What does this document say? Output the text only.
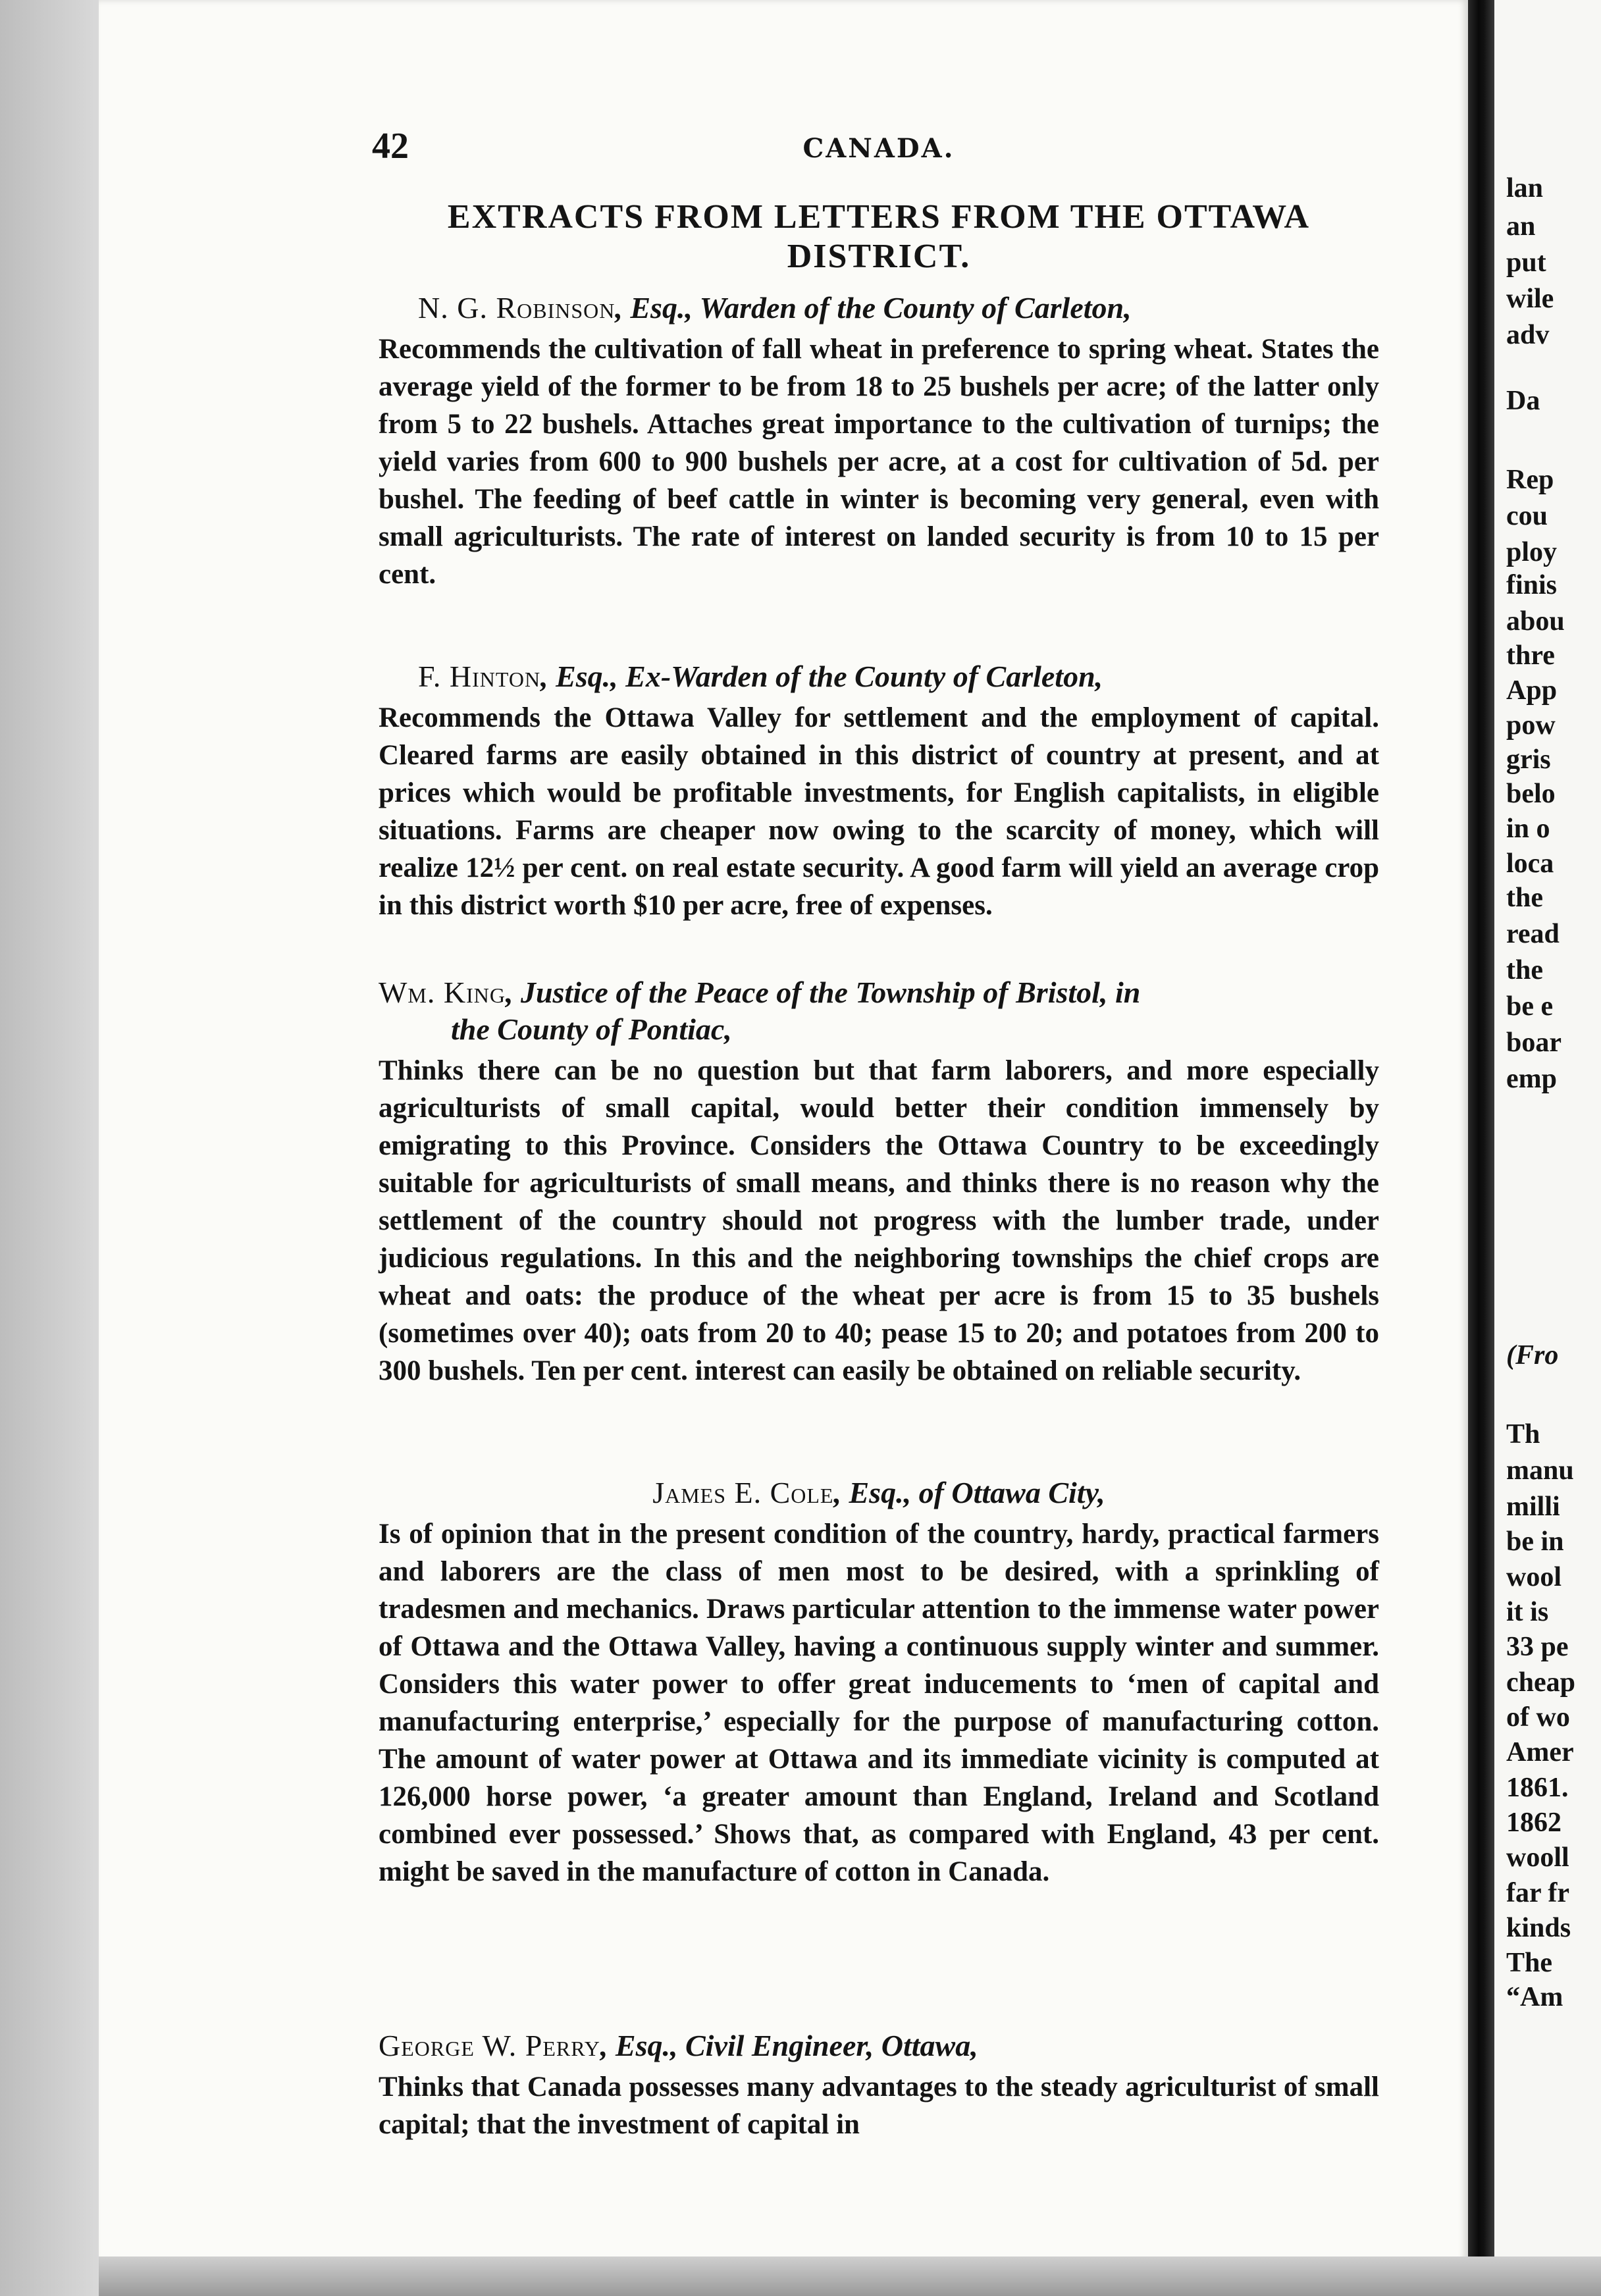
42	CANADA.
EXTRACTS FROM LETTERS FROM THE OTTAWA DISTRICT.
N. G. Robinson, Esq., Warden of the County of Carleton,
Recommends the cultivation of fall wheat in preference to spring wheat. States the average yield of the former to be from 18 to 25 bushels per acre; of the latter only from 5 to 22 bushels. Attaches great importance to the cultivation of turnips; the yield varies from 600 to 900 bushels per acre, at a cost for cultivation of 5d. per bushel. The feeding of beef cattle in winter is becoming very general, even with small agriculturists. The rate of interest on landed security is from 10 to 15 per cent.
F. Hinton, Esq., Ex-Warden of the County of Carleton,
Recommends the Ottawa Valley for settlement and the employment of capital. Cleared farms are easily obtained in this district of country at present, and at prices which would be profitable investments, for English capitalists, in eligible situations. Farms are cheaper now owing to the scarcity of money, which will realize 12½ per cent. on real estate security. A good farm will yield an average crop in this district worth $10 per acre, free of expenses.
Wm. King, Justice of the Peace of the Township of Bristol, in
the County of Pontiac,
Thinks there can be no question but that farm laborers, and more especially agriculturists of small capital, would better their condition immensely by emigrating to this Province. Considers the Ottawa Country to be exceedingly suitable for agriculturists of small means, and thinks there is no reason why the settlement of the country should not progress with the lumber trade, under judicious regulations. In this and the neighboring townships the chief crops are wheat and oats: the produce of the wheat per acre is from 15 to 35 bushels (sometimes over 40); oats from 20 to 40; pease 15 to 20; and potatoes from 200 to 300 bushels. Ten per cent. interest can easily be obtained on reliable security.
James E. Cole, Esq., of Ottawa City,
Is of opinion that in the present condition of the country, hardy, practical farmers and laborers are the class of men most to be desired, with a sprinkling of tradesmen and mechanics. Draws particular attention to the immense water power of Ottawa and the Ottawa Valley, having a continuous supply winter and summer. Considers this water power to offer great inducements to ‘men of capital and manufacturing enterprise,’ especially for the purpose of manufacturing cotton. The amount of water power at Ottawa and its immediate vicinity is computed at 126,000 horse power, ‘a greater amount than England, Ireland and Scotland combined ever possessed.’ Shows that, as compared with England, 43 per cent. might be saved in the manufacture of cotton in Canada.
George W. Perry, Esq., Civil Engineer, Ottawa,
Thinks that Canada possesses many advantages to the steady agriculturist of small capital; that the investment of capital in
lan
an
put
wile
adv
Da
Rep
cou
ploy
finis
abou
thre
App
pow
gris
belo
in o
loca
the
read
the
be e
boar
emp
(Fro
Th
manu
milli
be in
wool
it is
33 pe
cheap
of wo
Amer
1861.
1862
wooll
far fr
kinds
The
“Am
